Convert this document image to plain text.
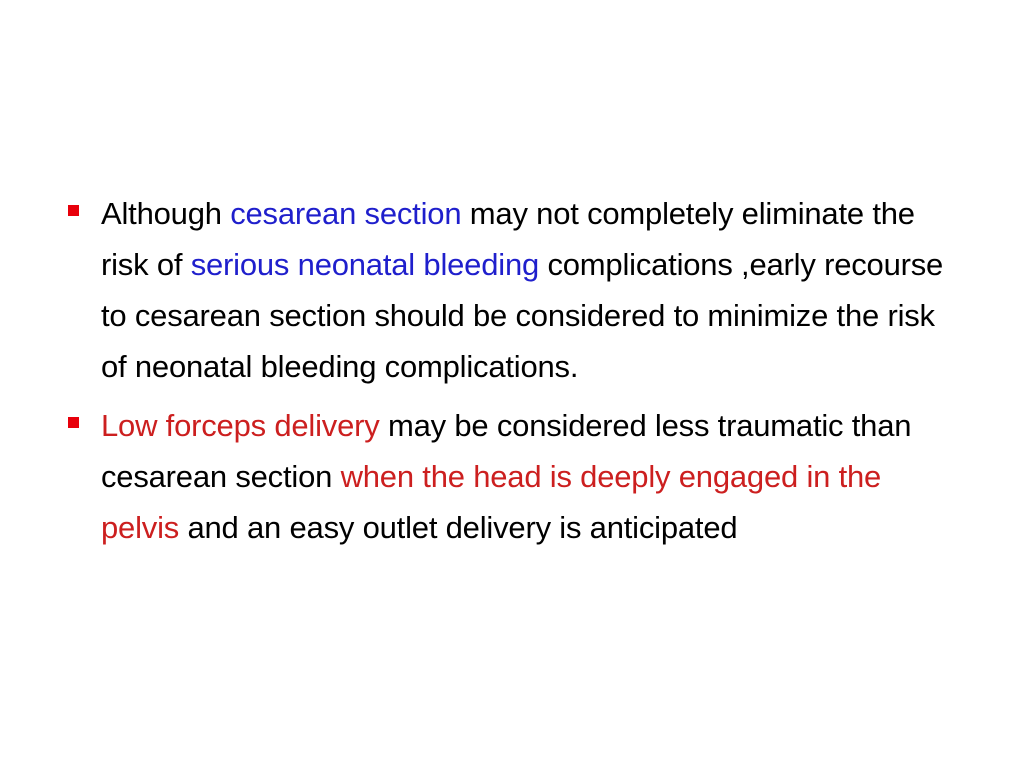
Although cesarean section may not completely eliminate the risk of serious neonatal bleeding complications ,early recourse to cesarean section should be considered to minimize the risk of neonatal bleeding complications.
Low forceps delivery may be considered less traumatic than cesarean section when the head is deeply engaged in the pelvis and an easy outlet delivery is anticipated
